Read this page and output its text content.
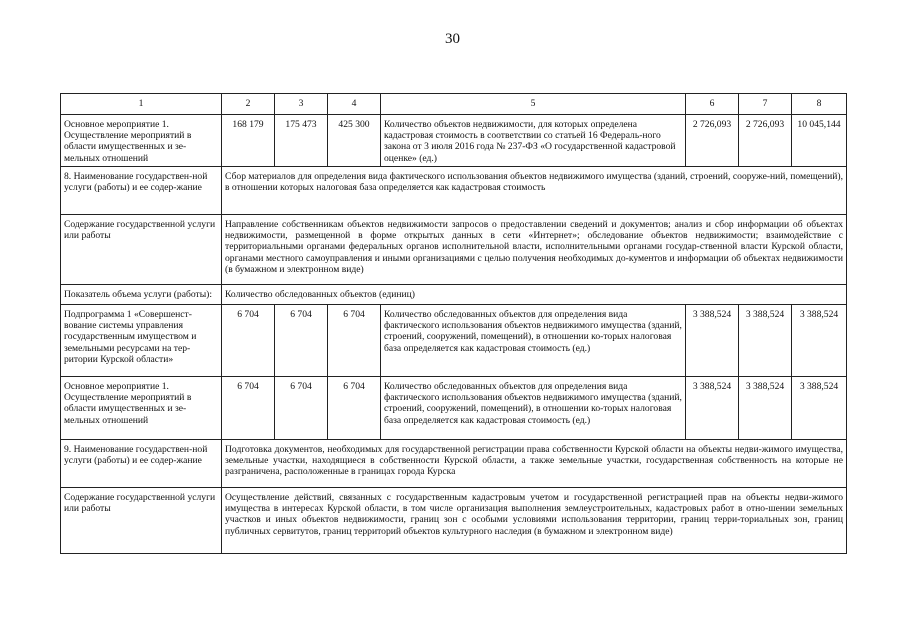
30
1	2	3	4	5	6	7	8
Основное мероприятие 1. Осуществление мероприятий в области имущественных и зе-мельных отношений	168 179	175 473	425 300	Количество объектов недвижимости, для которых определена кадастровая стоимость в соответствии со статьей 16 Федераль-ного закона от 3 июля 2016 года № 237-ФЗ «О государственной кадастровой оценке» (ед.)	2 726,093	2 726,093	10 045,144
8. Наименование государствен-ной услуги (работы) и ее содер-жание	Сбор материалов для определения вида фактического использования объектов недвижимого имущества (зданий, строений, сооруже-ний, помещений), в отношении которых налоговая база определяется как кадастровая стоимость						
Содержание государственной услуги или работы	Направление собственникам объектов недвижимости запросов о предоставлении сведений и документов; анализ и сбор информации об объектах недвижимости, размещенной в форме открытых данных в сети «Интернет»; обследование объектов недвижимости; взаимодействие с территориальными органами федеральных органов исполнительной власти, исполнительными органами государ-ственной власти Курской области, органами местного самоуправления и иными организациями с целью получения необходимых до-кументов и информации об объектах недвижимости (в бумажном и электронном виде)						
Показатель объема услуги (работы):	Количество обследованных объектов (единиц)						
Подпрограмма 1 «Совершенст-вование системы управления государственным имуществом и земельными ресурсами на тер-ритории Курской области»	6 704	6 704	6 704	Количество обследованных объектов для определения вида фактического использования объектов недвижимого имущества (зданий, строений, сооружений, помещений), в отношении ко-торых налоговая база определяется как кадастровая стоимость (ед.)	3 388,524	3 388,524	3 388,524
Основное мероприятие 1. Осуществление мероприятий в области имущественных и зе-мельных отношений	6 704	6 704	6 704	Количество обследованных объектов для определения вида фактического использования объектов недвижимого имущества (зданий, строений, сооружений, помещений), в отношении ко-торых налоговая база определяется как кадастровая стоимость (ед.)	3 388,524	3 388,524	3 388,524
9. Наименование государствен-ной услуги (работы) и ее содер-жание	Подготовка документов, необходимых для государственной регистрации права собственности Курской области на объекты недви-жимого имущества, земельные участки, находящиеся в собственности Курской области, а также земельные участки, государственная собственность на которые не разграничена, расположенные в границах города Курска						
Содержание государственной услуги или работы	Осуществление действий, связанных с государственным кадастровым учетом и государственной регистрацией прав на объекты недви-жимого имущества в интересах Курской области, в том числе организация выполнения землеустроительных, кадастровых работ в отно-шении земельных участков и иных объектов недвижимости, границ зон с особыми условиями использования территории, границ терри-ториальных зон, границ публичных сервитутов, границ территорий объектов культурного наследия (в бумажном и электронном виде)						
